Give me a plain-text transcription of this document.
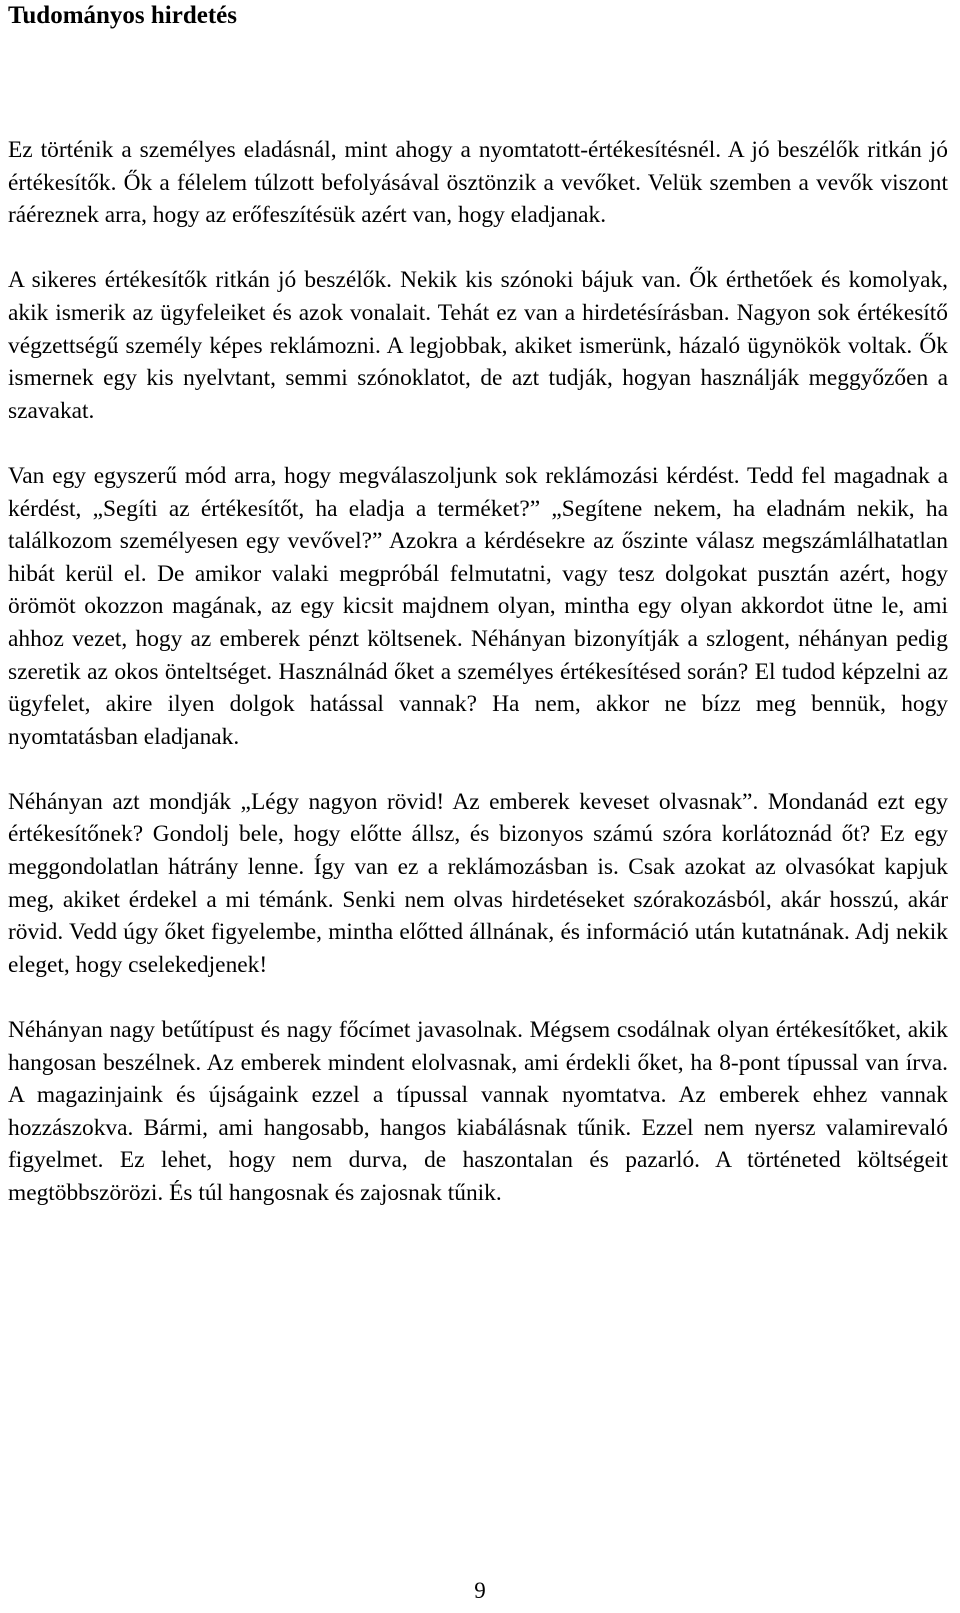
Tudományos hirdetés

Ez történik a személyes eladásnál, mint ahogy a nyomtatott-értékesítésnél. A jó beszélők ritkán jó értékesítők. Ők a félelem túlzott befolyásával ösztönzik a vevőket. Velük szemben a vevők viszont ráéreznek arra, hogy az erőfeszítésük azért van, hogy eladjanak.

A sikeres értékesítők ritkán jó beszélők. Nekik kis szónoki bájuk van. Ők érthetőek és komolyak, akik ismerik az ügyfeleiket és azok vonalait. Tehát ez van a hirdetésírásban. Nagyon sok értékesítő végzettségű személy képes reklámozni. A legjobbak, akiket ismerünk, házaló ügynökök voltak. Ők ismernek egy kis nyelvtant, semmi szónoklatot, de azt tudják, hogyan használják meggyőzően a szavakat.

Van egy egyszerű mód arra, hogy megválaszoljunk sok reklámozási kérdést. Tedd fel magadnak a kérdést, „Segíti az értékesítőt, ha eladja a terméket?” „Segítene nekem, ha eladnám nekik, ha találkozom személyesen egy vevővel?” Azokra a kérdésekre az őszinte válasz megszámlálhatatlan hibát kerül el. De amikor valaki megpróbál felmutatni, vagy tesz dolgokat pusztán azért, hogy örömöt okozzon magának, az egy kicsit majdnem olyan, mintha egy olyan akkordot ütne le, ami ahhoz vezet, hogy az emberek pénzt költsenek. Néhányan bizonyítják a szlogent, néhányan pedig szeretik az okos önteltséget. Használnád őket a személyes értékesítésed során? El tudod képzelni az ügyfelet, akire ilyen dolgok hatással vannak? Ha nem, akkor ne bízz meg bennük, hogy nyomtatásban eladjanak.

Néhányan azt mondják „Légy nagyon rövid! Az emberek keveset olvasnak”. Mondanád ezt egy értékesítőnek? Gondolj bele, hogy előtte állsz, és bizonyos számú szóra korlátoznád őt? Ez egy meggondolatlan hátrány lenne. Így van ez a reklámozásban is. Csak azokat az olvasókat kapjuk meg, akiket érdekel a mi témánk. Senki nem olvas hirdetéseket szórakozásból, akár hosszú, akár rövid. Vedd úgy őket figyelembe, mintha előtted állnának, és információ után kutatnának. Adj nekik eleget, hogy cselekedjenek!

Néhányan nagy betűtípust és nagy főcímet javasolnak. Mégsem csodálnak olyan értékesítőket, akik hangosan beszélnek. Az emberek mindent elolvasnak, ami érdekli őket, ha 8-pont típussal van írva. A magazinjaink és újságaink ezzel a típussal vannak nyomtatva. Az emberek ehhez vannak hozzászokva. Bármi, ami hangosabb, hangos kiabálásnak tűnik. Ezzel nem nyersz valamirevaló figyelmet. Ez lehet, hogy nem durva, de haszontalan és pazarló. A történeted költségeit megtöbbszörözi. És túl hangosnak és zajosnak tűnik.

9
